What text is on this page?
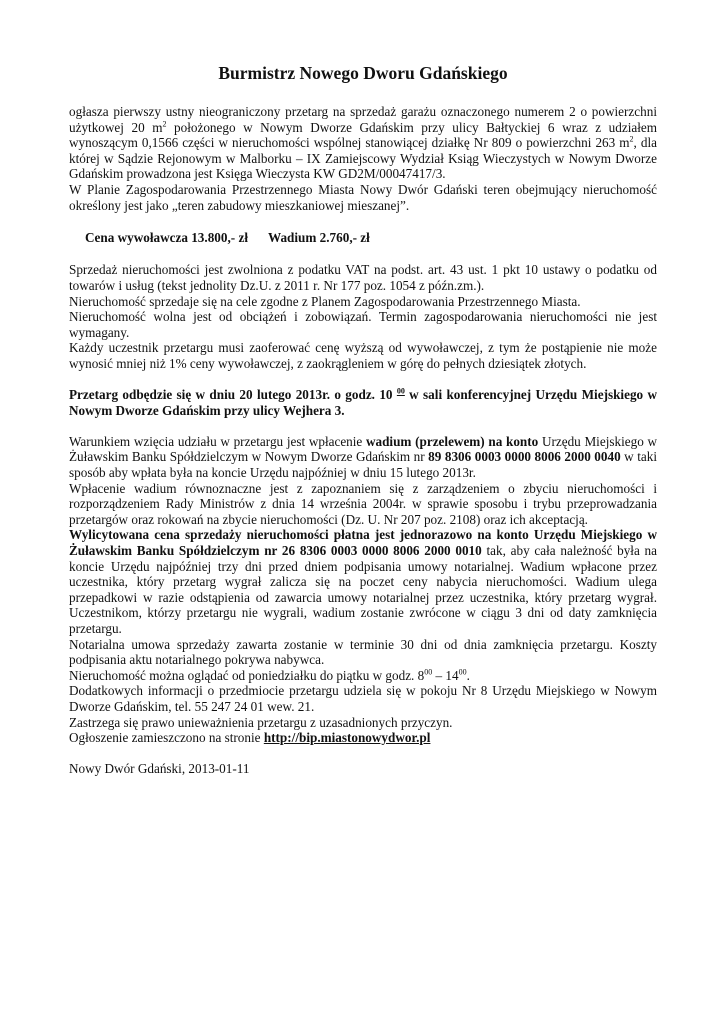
Burmistrz Nowego Dworu Gdańskiego

ogłasza pierwszy ustny nieograniczony przetarg na sprzedaż garażu oznaczonego numerem 2 o powierzchni użytkowej 20 $m^2$ położonego w Nowym Dworze Gdańskim przy ulicy Bałtyckiej 6 wraz z udziałem wynoszącym 0,1566 części w nieruchomości wspólnej stanowiącej działkę Nr 809 o powierzchni 263 $m^2$, dla której w Sądzie Rejonowym w Malborku – IX Zamiejscowy Wydział Ksiąg Wieczystych w Nowym Dworze Gdańskim prowadzona jest Księga Wieczysta KW GD2M/00047417/3.

W Planie Zagospodarowania Przestrzennego Miasta Nowy Dwór Gdański teren obejmujący nieruchomość określony jest jako „teren zabudowy mieszkaniowej mieszanej”.

Cena wywoławcza 13.800,- zł Wadium 2.760,- zł

Sprzedaż nieruchomości jest zwolniona z podatku VAT na podst. art. 43 ust. 1 pkt 10 ustawy o podatku od towarów i usług (tekst jednolity Dz.U. z 2011 r. Nr 177 poz. 1054 z późn.zm.).

Nieruchomość sprzedaje się na cele zgodne z Planem Zagospodarowania Przestrzennego Miasta.

Nieruchomość wolna jest od obciążeń i zobowiązań. Termin zagospodarowania nieruchomości nie jest wymagany.

Każdy uczestnik przetargu musi zaoferować cenę wyższą od wywoławczej, z tym że postąpienie nie może wynosić mniej niż 1% ceny wywoławczej, z zaokrągleniem w górę do pełnych dziesiątek złotych.

Przetarg odbędzie się w dniu 20 lutego 2013r. o godz. 10 $^{00}$ w sali konferencyjnej Urzędu Miejskiego w Nowym Dworze Gdańskim przy ulicy Wejhera 3.

Warunkiem wzięcia udziału w przetargu jest wpłacenie wadium (przelewem) na konto Urzędu Miejskiego w Żuławskim Banku Spółdzielczym w Nowym Dworze Gdańskim nr 89 8306 0003 0000 8006 2000 0040 w taki sposób aby wpłata była na koncie Urzędu najpóźniej w dniu 15 lutego 2013r.

Wpłacenie wadium równoznaczne jest z zapoznaniem się z zarządzeniem o zbyciu nieruchomości i rozporządzeniem Rady Ministrów z dnia 14 września 2004r. w sprawie sposobu i trybu przeprowadzania przetargów oraz rokowań na zbycie nieruchomości (Dz. U. Nr 207 poz. 2108) oraz ich akceptacją.

Wylicytowana cena sprzedaży nieruchomości płatna jest jednorazowo na konto Urzędu Miejskiego w Żuławskim Banku Spółdzielczym nr 26 8306 0003 0000 8006 2000 0010 tak, aby cała należność była na koncie Urzędu najpóźniej trzy dni przed dniem podpisania umowy notarialnej. Wadium wpłacone przez uczestnika, który przetarg wygrał zalicza się na poczet ceny nabycia nieruchomości. Wadium ulega przepadkowi w razie odstąpienia od zawarcia umowy notarialnej przez uczestnika, który przetarg wygrał. Uczestnikom, którzy przetargu nie wygrali, wadium zostanie zwrócone w ciągu 3 dni od daty zamknięcia przetargu.

Notarialna umowa sprzedaży zawarta zostanie w terminie 30 dni od dnia zamknięcia przetargu. Koszty podpisania aktu notarialnego pokrywa nabywca.

Nieruchomość można oglądać od poniedziałku do piątku w godz. $8^{00} - 14^{00}$.

Dodatkowych informacji o przedmiocie przetargu udziela się w pokoju Nr 8 Urzędu Miejskiego w Nowym Dworze Gdańskim, tel. 55 247 24 01 wew. 21.

Zastrzega się prawo unieważnienia przetargu z uzasadnionych przyczyn.

Ogłoszenie zamieszczono na stronie http://bip.miastonowydwor.pl

Nowy Dwór Gdański, 2013-01-11
